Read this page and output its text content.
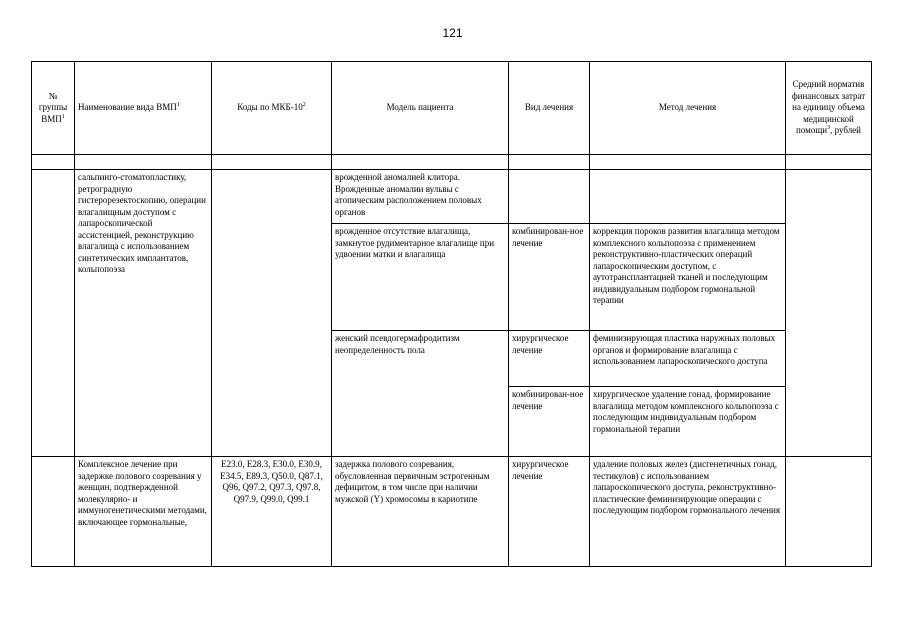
121
№ группы ВМП$^1$	Наименование вида ВМП$^1$	Коды по МКБ-$10^2$	Модель пациента	Вид лечения	Метод лечения	Средний норматив финансовых затрат на единицу объема медицинской помощи$^3$, рублей

	сальпинго-стоматопластику, ретроградную гистерорезектоскопию, операции влагалищным доступом с лапароскопической ассистенцией, реконструкцию влагалища с использованием синтетических имплантатов, кольпопоэза		врожденной аномалией клитора. Врожденные аномалии вульвы с атопическим расположением половых органов			
			врожденное отсутствие влагалища, замкнутое рудиментарное влагалище при удвоении матки и влагалища	комбинирован-ное лечение	коррекция пороков развития влагалища методом комплексного кольпопоэза с применением реконструктивно-пластических операций лапароскопическим доступом, с аутотрансплантацией тканей и последующим индивидуальным подбором гормональной терапии	
			женский псевдогермафродитизм неопределенность пола	хирургическое лечение	феминизирующая пластика наружных половых органов и формирование влагалища с использованием лапароскопического доступа	
				комбинирован-ное лечение	хирургическое удаление гонад, формирование влагалища методом комплексного кольпопоэза с последующим индивидуальным подбором гормональной терапии	
	Комплексное лечение при задержке полового созревания у женщин, подтвержденной молекулярно- и иммуногенетическими методами, включающее гормональные,	E23.0, E28.3, E30.0, E30.9, E34.5, E89.3, Q50.0, Q87.1, Q96, Q97.2, Q97.3, Q97.8, Q97.9, Q99.0, Q99.1	задержка полового созревания, обусловленная первичным эстрогенным дефицитом, в том числе при наличии мужской (Y) хромосомы в кариотипе	хирургическое лечение	удаление половых желез (дисгенетичных гонад, тестикулов) с использованием лапароскопического доступа, реконструктивно-пластические феминизирующие операции с последующим подбором гормонального лечения	
